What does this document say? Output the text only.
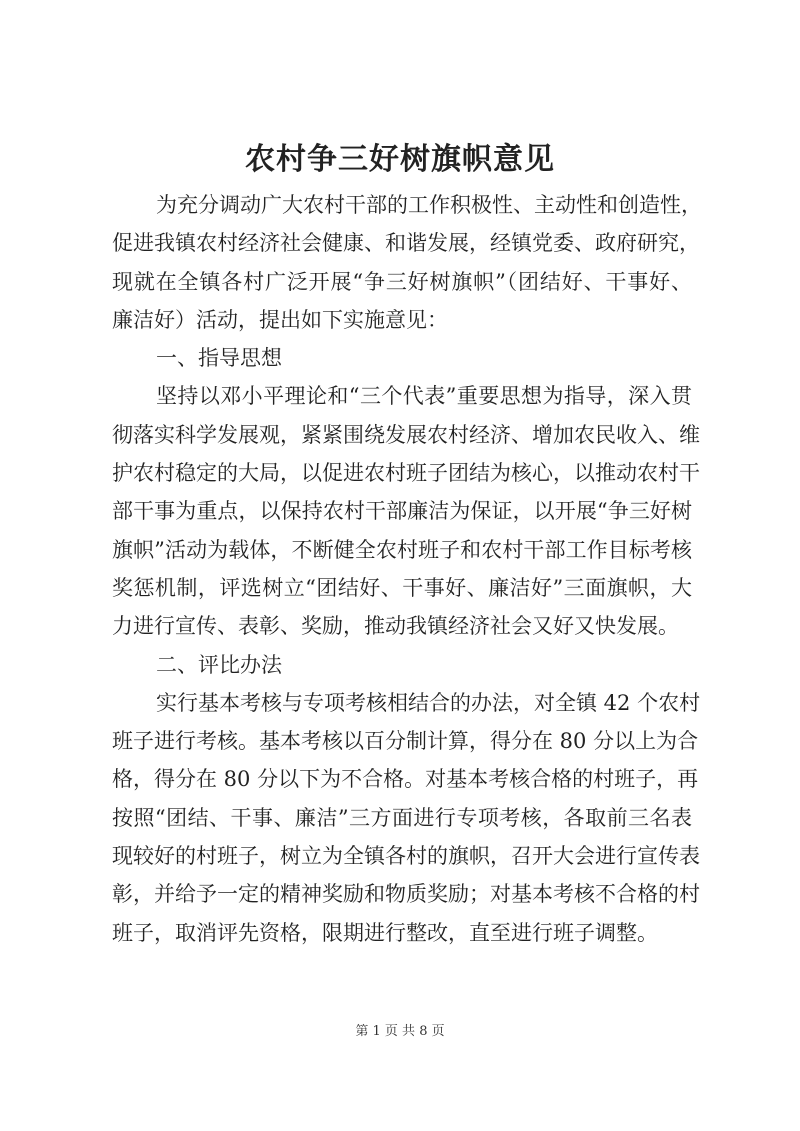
农村争三好树旗帜意见
为充分调动广大农村干部的工作积极性、主动性和创造性，
促进我镇农村经济社会健康、和谐发展，经镇党委、政府研究，
现就在全镇各村广泛开展“争三好树旗帜”（团结好、干事好、
廉洁好）活动，提出如下实施意见：
一、指导思想
坚持以邓小平理论和“三个代表”重要思想为指导，深入贯
彻落实科学发展观，紧紧围绕发展农村经济、增加农民收入、维
护农村稳定的大局，以促进农村班子团结为核心，以推动农村干
部干事为重点，以保持农村干部廉洁为保证，以开展“争三好树
旗帜”活动为载体，不断健全农村班子和农村干部工作目标考核
奖惩机制，评选树立“团结好、干事好、廉洁好”三面旗帜，大
力进行宣传、表彰、奖励，推动我镇经济社会又好又快发展。
二、评比办法
实行基本考核与专项考核相结合的办法，对全镇 42 个农村
班子进行考核。基本考核以百分制计算，得分在 80 分以上为合
格，得分在 80 分以下为不合格。对基本考核合格的村班子，再
按照“团结、干事、廉洁”三方面进行专项考核，各取前三名表
现较好的村班子，树立为全镇各村的旗帜，召开大会进行宣传表
彰，并给予一定的精神奖励和物质奖励；对基本考核不合格的村
班子，取消评先资格，限期进行整改，直至进行班子调整。
第 1 页 共 8 页
